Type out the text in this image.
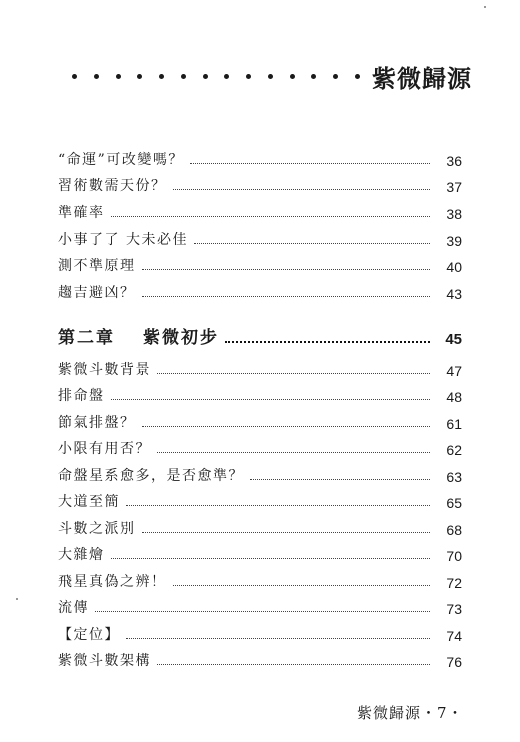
紫微歸源
“命運”可改變嗎？	36
習術數需天份？	37
準確率	38
小事了了 大未必佳	39
測不準原理	40
趨吉避凶？	43
第二章 紫微初步	45
紫微斗數背景	47
排命盤	48
節氣排盤？	61
小限有用否？	62
命盤星系愈多，是否愈準？	63
大道至簡	65
斗數之派別	68
大雜燴	70
飛星真偽之辨！	72
流傳	73
【定位】	74
紫微斗數架構	76
紫微歸源・7・
